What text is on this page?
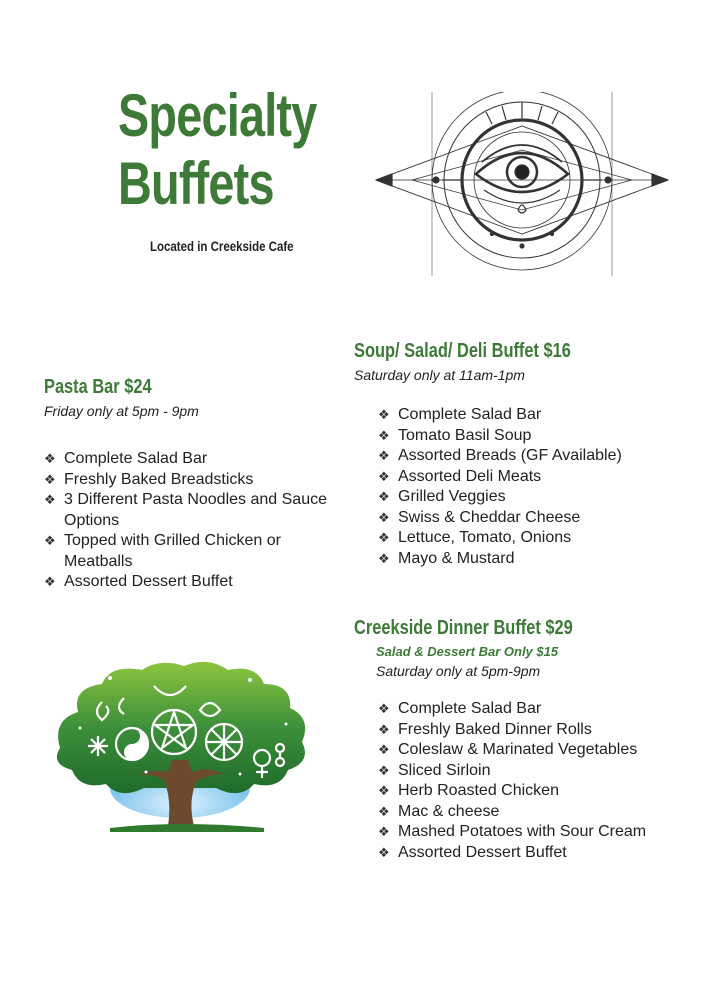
Specialty
Buffets
Located in Creekside Cafe
Pasta Bar $24
Friday only at 5pm - 9pm
❖ Complete Salad Bar
❖ Freshly Baked Breadsticks
❖ 3 Different Pasta Noodles and Sauce Options
❖ Topped with Grilled Chicken or Meatballs
❖ Assorted Dessert Buffet
Soup/ Salad/ Deli Buffet $16
Saturday only at 11am-1pm
❖ Complete Salad Bar
❖ Tomato Basil Soup
❖ Assorted Breads (GF Available)
❖ Assorted Deli Meats
❖ Grilled Veggies
❖ Swiss & Cheddar Cheese
❖ Lettuce, Tomato, Onions
❖ Mayo & Mustard
Creekside Dinner Buffet $29
Salad & Dessert Bar Only $15
Saturday only at 5pm-9pm
❖ Complete Salad Bar
❖ Freshly Baked Dinner Rolls
❖ Coleslaw & Marinated Vegetables
❖ Sliced Sirloin
❖ Herb Roasted Chicken
❖ Mac & cheese
❖ Mashed Potatoes with Sour Cream
❖ Assorted Dessert Buffet
